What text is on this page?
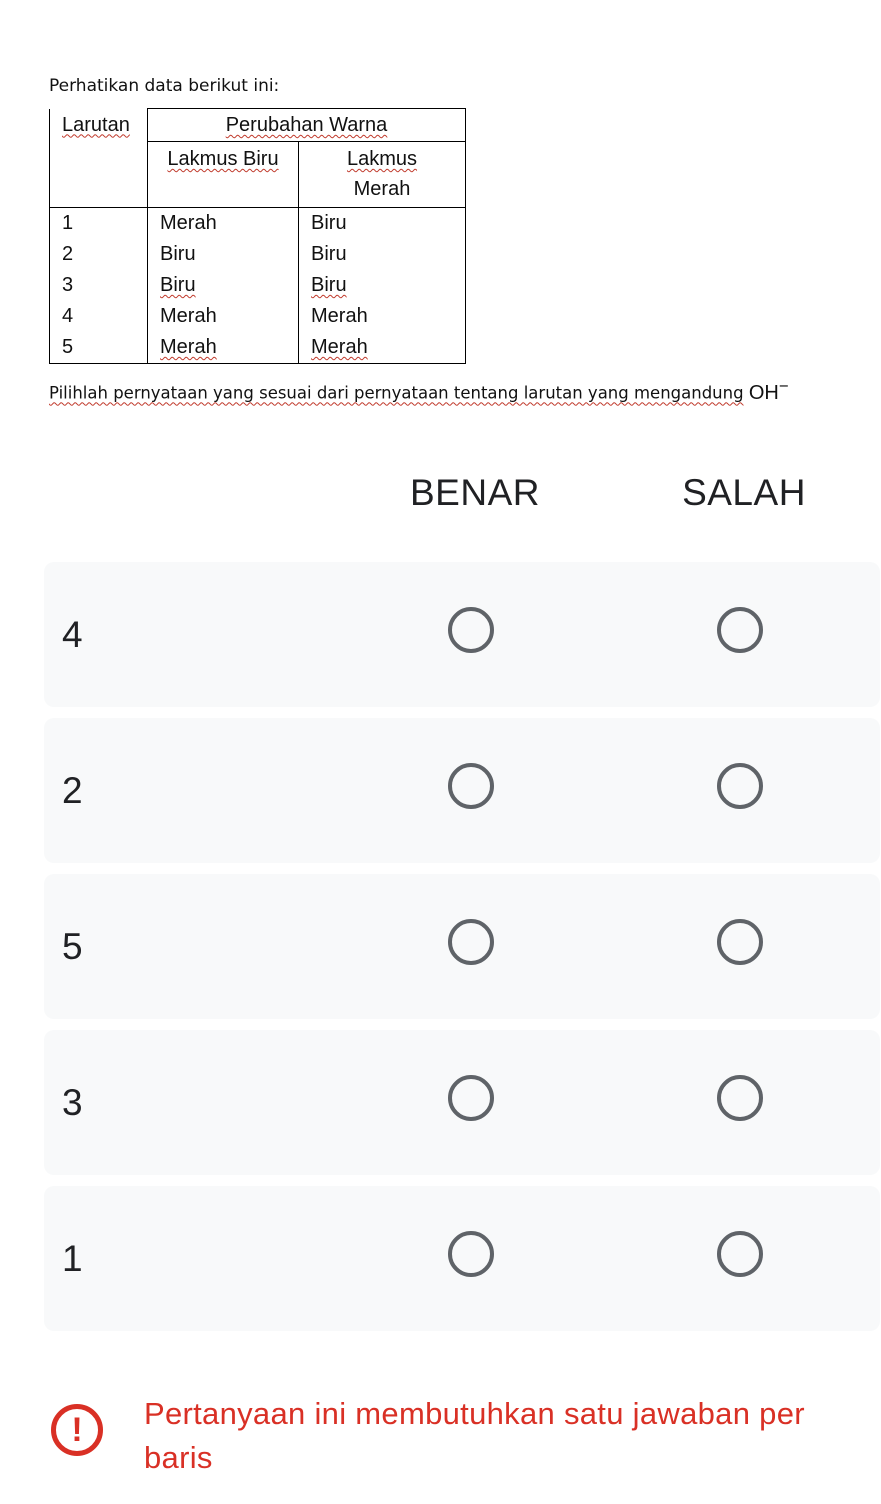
Perhatikan data berikut ini:
Larutan	Perubahan Warna	
	Lakmus Biru	Lakmus
Merah
1	Merah	Biru
2	Biru	Biru
3	Biru	Biru
4	Merah	Merah
5	Merah	Merah
Pilihlah pernyataan yang sesuai dari pernyataan tentang larutan yang mengandung OH−
BENAR	SALAH
4
2
5
3
1
!	Pertanyaan ini membutuhkan satu jawaban per baris
